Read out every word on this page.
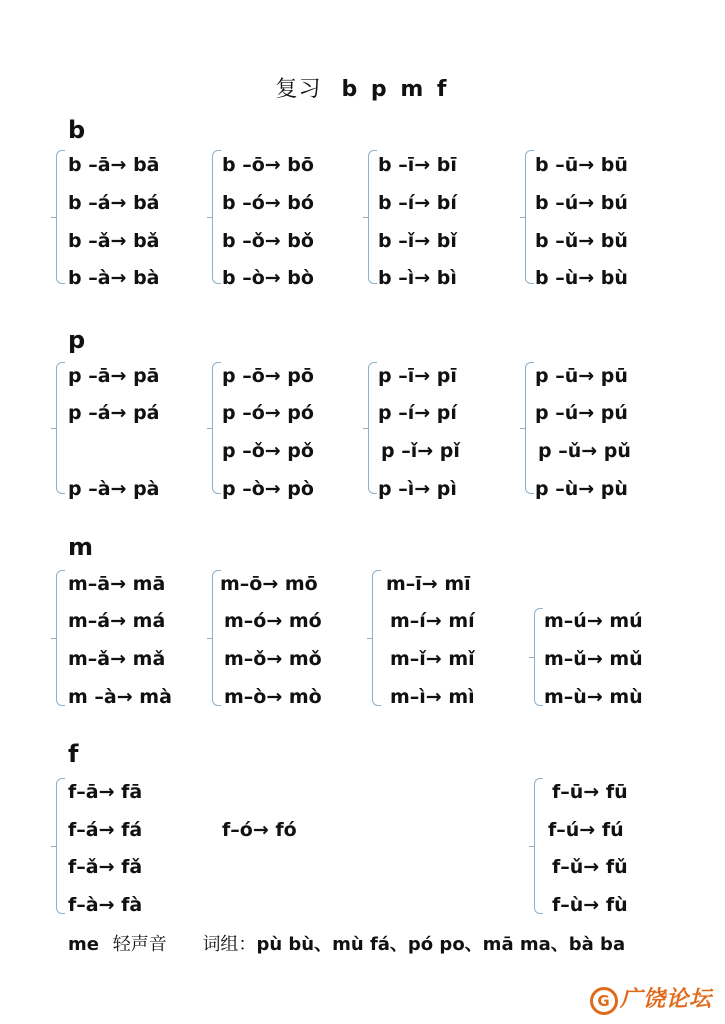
复习 b p m f
b
b –ā→ bā
b –á→ bá
b –ǎ→ bǎ
b –à→ bà
b –ō→ bō
b –ó→ bó
b –ǒ→ bǒ
b –ò→ bò
b –ī→ bī
b –í→ bí
b –ǐ→ bǐ
b –ì→ bì
b –ū→ bū
b –ú→ bú
b –ǔ→ bǔ
b –ù→ bù
p
p –ā→ pā
p –á→ pá
p –à→ pà
p –ō→ pō
p –ó→ pó
p –ǒ→ pǒ
p –ò→ pò
p –ī→ pī
p –í→ pí
p –ǐ→ pǐ
p –ì→ pì
p –ū→ pū
p –ú→ pú
p –ǔ→ pǔ
p –ù→ pù
m
m–ā→ mā
m–á→ má
m–ǎ→ mǎ
m –à→ mà
m–ō→ mō
m–ó→ mó
m–ǒ→ mǒ
m–ò→ mò
m–ī→ mī
m–í→ mí
m–ǐ→ mǐ
m–ì→ mì
m–ú→ mú
m–ǔ→ mǔ
m–ù→ mù
f
f–ā→ fā
f–á→ fá
f–ǎ→ fǎ
f–à→ fà
f–ó→ fó
f–ū→ fū
f–ú→ fú
f–ǔ→ fǔ
f–ù→ fù
me 轻声音 词组：pù bù、mù fá、pó po、mā ma、bà ba
G 广饶论坛
